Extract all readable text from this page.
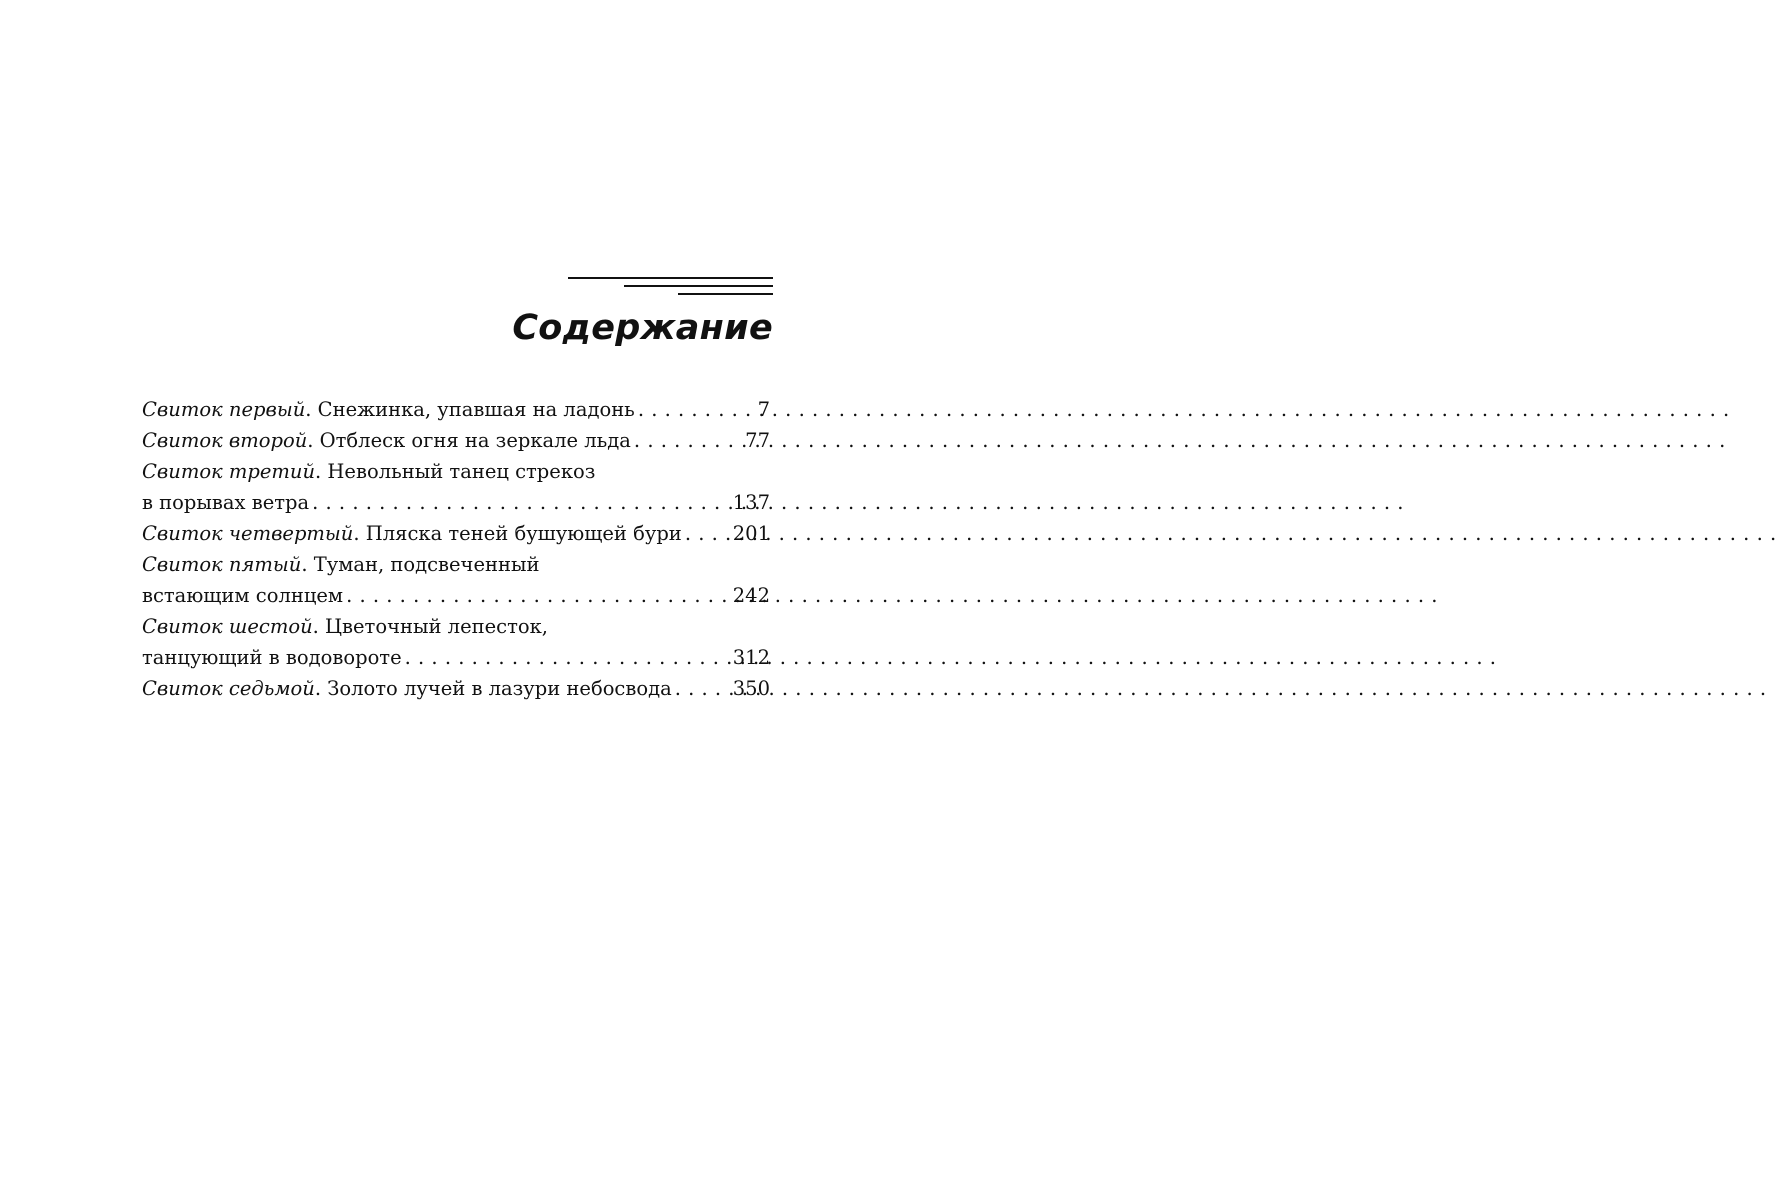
Содержание
Свиток первый. Снежинка, упавшая на ладонь . . .	7
Свиток второй. Отблеск огня на зеркале льда . . .	77
Свиток третий. Невольный танец стрекоз
в порывах ветра . . .	137
Свиток четвертый. Пляска теней бушующей бури . . .	201
Свиток пятый. Туман, подсвеченный
встающим солнцем . . .	242
Свиток шестой. Цветочный лепесток,
танцующий в водовороте . . .	312
Свиток седьмой. Золото лучей в лазури небосвода . . .	350
